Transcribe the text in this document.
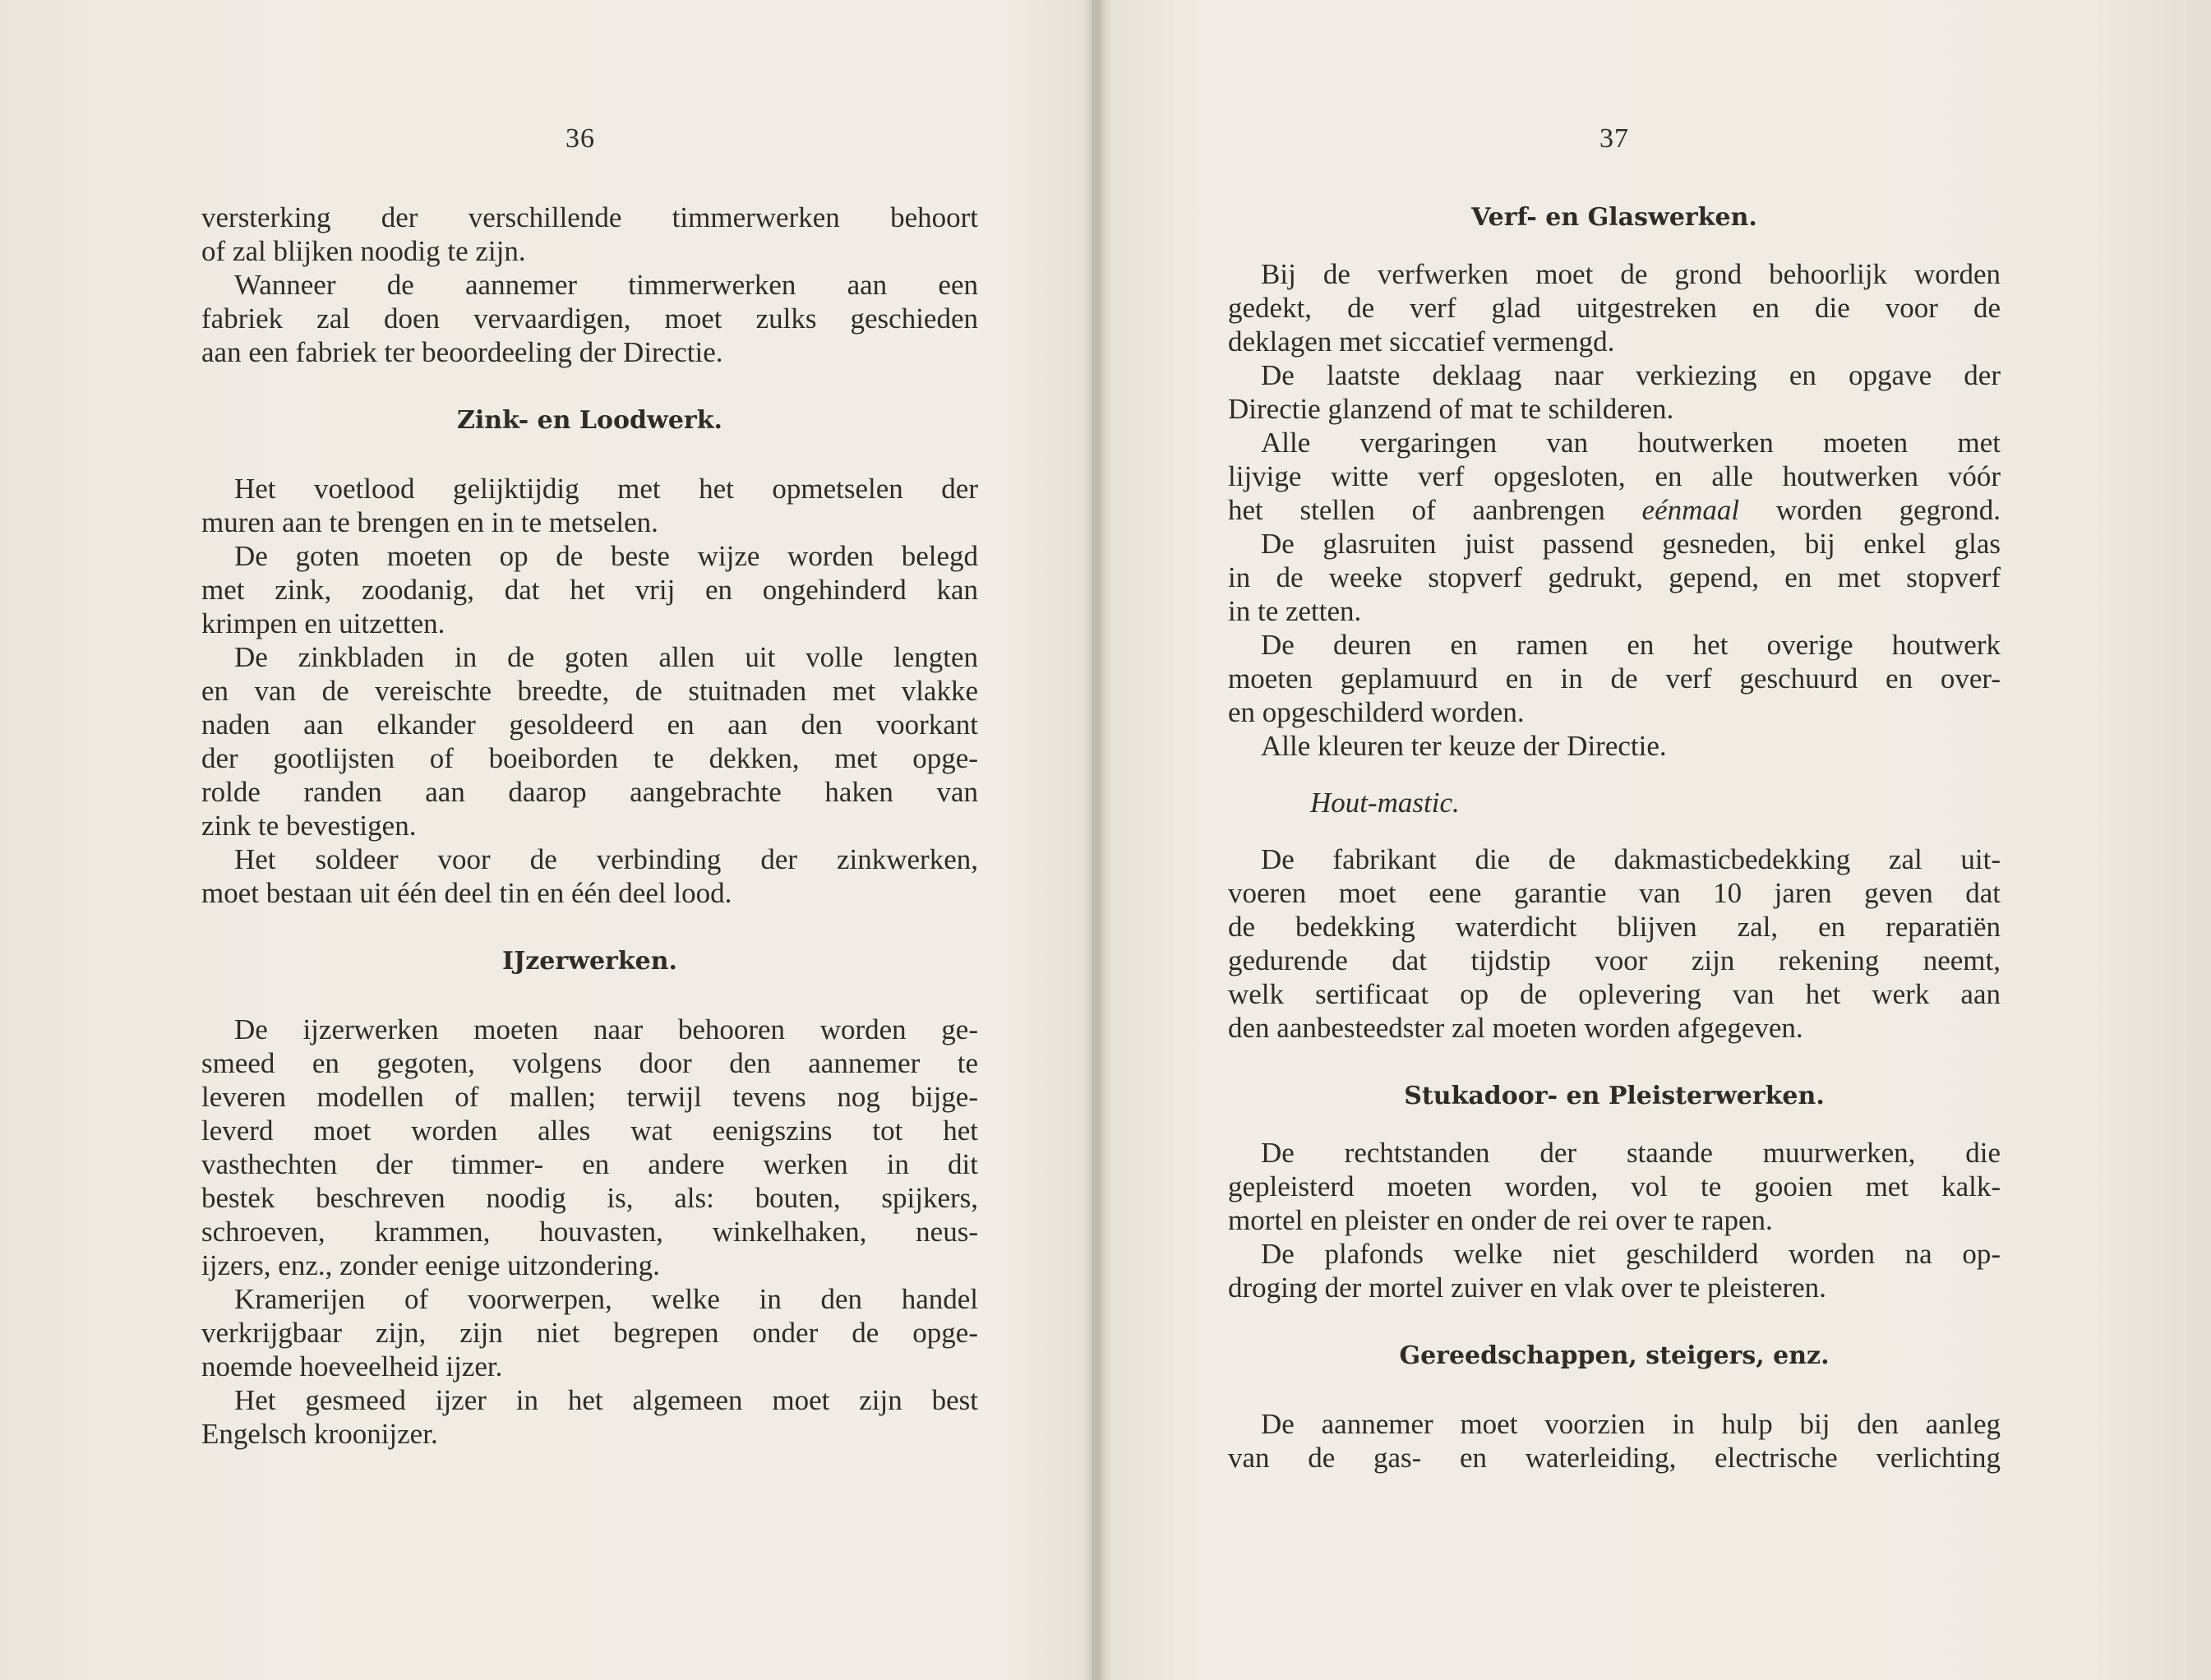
36
versterking der verschillende timmerwerken behoort
of zal blijken noodig te zijn.
Wanneer de aannemer timmerwerken aan een
fabriek zal doen vervaardigen, moet zulks geschieden
aan een fabriek ter beoordeeling der Directie.
Zink- en Loodwerk.
Het voetlood gelijktijdig met het opmetselen der
muren aan te brengen en in te metselen.
De goten moeten op de beste wijze worden belegd
met zink, zoodanig, dat het vrij en ongehinderd kan
krimpen en uitzetten.
De zinkbladen in de goten allen uit volle lengten
en van de vereischte breedte, de stuitnaden met vlakke
naden aan elkander gesoldeerd en aan den voorkant
der gootlijsten of boeiborden te dekken, met opge-
rolde randen aan daarop aangebrachte haken van
zink te bevestigen.
Het soldeer voor de verbinding der zinkwerken,
moet bestaan uit één deel tin en één deel lood.
IJzerwerken.
De ijzerwerken moeten naar behooren worden ge-
smeed en gegoten, volgens door den aannemer te
leveren modellen of mallen; terwijl tevens nog bijge-
leverd moet worden alles wat eenigszins tot het
vasthechten der timmer- en andere werken in dit
bestek beschreven noodig is, als: bouten, spijkers,
schroeven, krammen, houvasten, winkelhaken, neus-
ijzers, enz., zonder eenige uitzondering.
Kramerijen of voorwerpen, welke in den handel
verkrijgbaar zijn, zijn niet begrepen onder de opge-
noemde hoeveelheid ijzer.
Het gesmeed ijzer in het algemeen moet zijn best
Engelsch kroonijzer.
37
Verf- en Glaswerken.
Bij de verfwerken moet de grond behoorlijk worden
gedekt, de verf glad uitgestreken en die voor de
deklagen met siccatief vermengd.
De laatste deklaag naar verkiezing en opgave der
Directie glanzend of mat te schilderen.
Alle vergaringen van houtwerken moeten met
lijvige witte verf opgesloten, en alle houtwerken vóór
het stellen of aanbrengen eénmaal worden gegrond.
De glasruiten juist passend gesneden, bij enkel glas
in de weeke stopverf gedrukt, gepend, en met stopverf
in te zetten.
De deuren en ramen en het overige houtwerk
moeten geplamuurd en in de verf geschuurd en over-
en opgeschilderd worden.
Alle kleuren ter keuze der Directie.
Hout-mastic.
De fabrikant die de dakmasticbedekking zal uit-
voeren moet eene garantie van 10 jaren geven dat
de bedekking waterdicht blijven zal, en reparatiën
gedurende dat tijdstip voor zijn rekening neemt,
welk sertificaat op de oplevering van het werk aan
den aanbesteedster zal moeten worden afgegeven.
Stukadoor- en Pleisterwerken.
De rechtstanden der staande muurwerken, die
gepleisterd moeten worden, vol te gooien met kalk-
mortel en pleister en onder de rei over te rapen.
De plafonds welke niet geschilderd worden na op-
droging der mortel zuiver en vlak over te pleisteren.
Gereedschappen, steigers, enz.
De aannemer moet voorzien in hulp bij den aanleg
van de gas- en waterleiding, electrische verlichting
